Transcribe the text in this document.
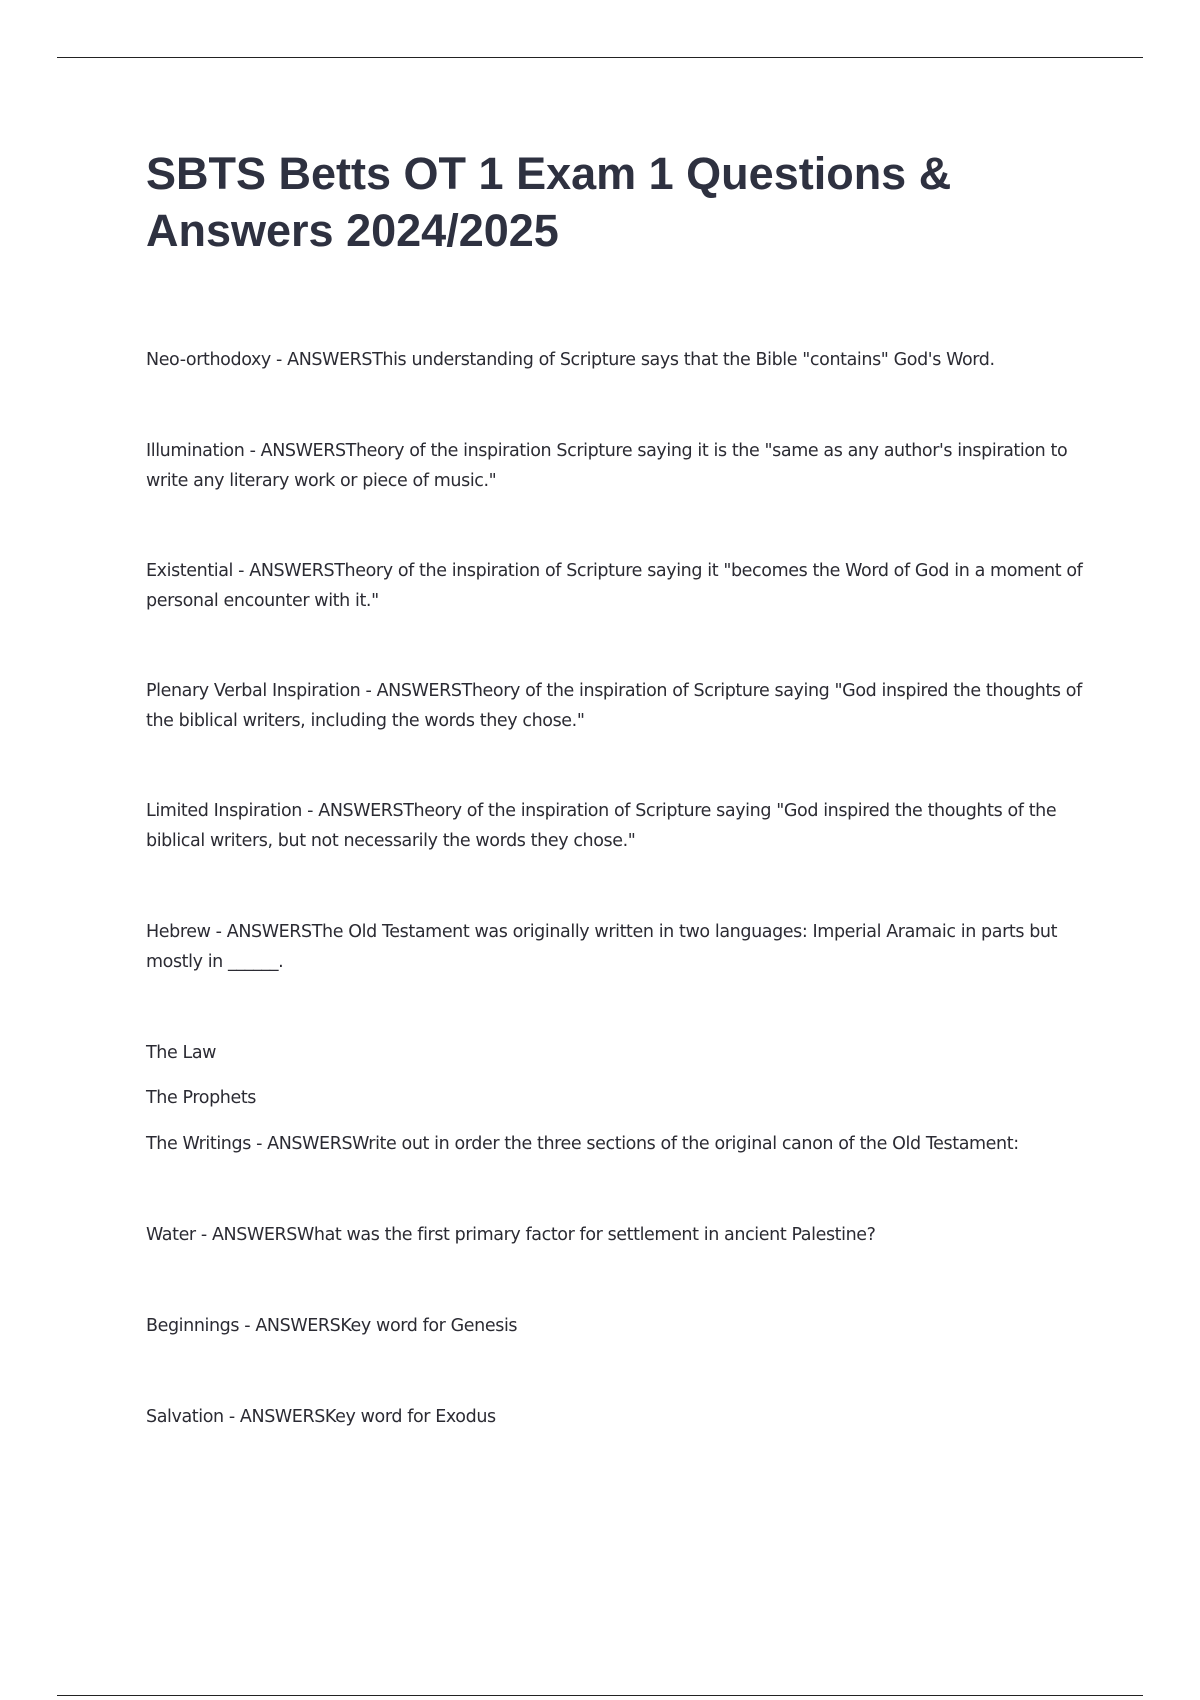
SBTS Betts OT 1 Exam 1 Questions & Answers 2024/2025

Neo-orthodoxy - ANSWERSThis understanding of Scripture says that the Bible "contains" God's Word.

Illumination - ANSWERSTheory of the inspiration Scripture saying it is the "same as any author's inspiration to write any literary work or piece of music."

Existential - ANSWERSTheory of the inspiration of Scripture saying it "becomes the Word of God in a moment of personal encounter with it."

Plenary Verbal Inspiration - ANSWERSTheory of the inspiration of Scripture saying "God inspired the thoughts of the biblical writers, including the words they chose."

Limited Inspiration - ANSWERSTheory of the inspiration of Scripture saying "God inspired the thoughts of the biblical writers, but not necessarily the words they chose."

Hebrew - ANSWERSThe Old Testament was originally written in two languages: Imperial Aramaic in parts but mostly in ______.

The Law

The Prophets

The Writings - ANSWERSWrite out in order the three sections of the original canon of the Old Testament:

Water - ANSWERSWhat was the first primary factor for settlement in ancient Palestine?

Beginnings - ANSWERSKey word for Genesis

Salvation - ANSWERSKey word for Exodus
